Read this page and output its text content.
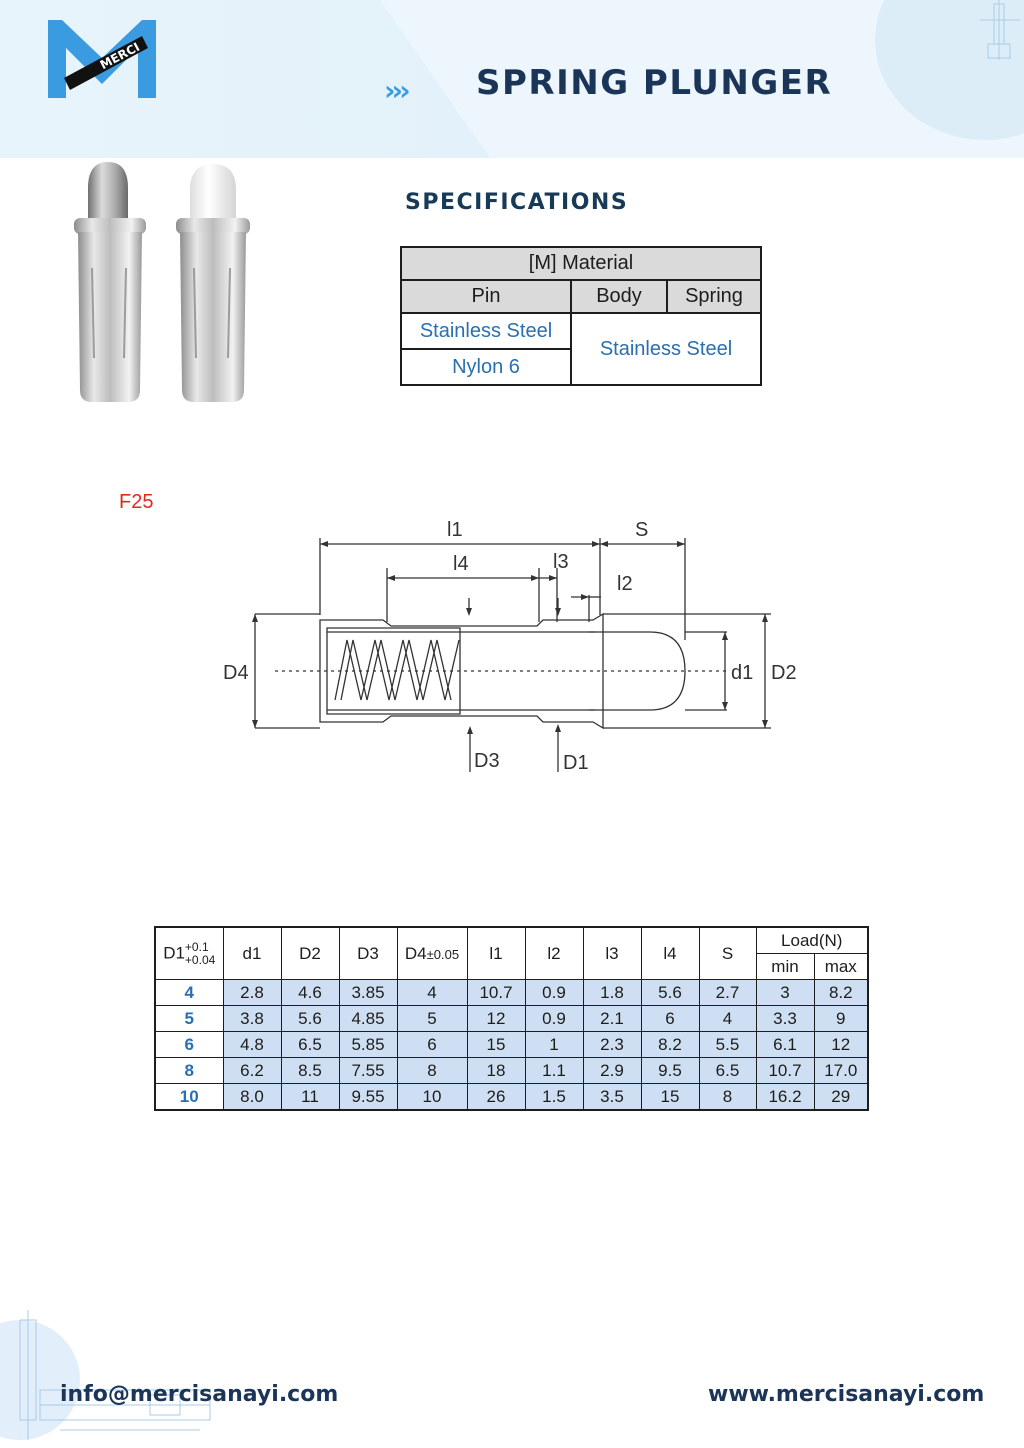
MERCI
››› SPRING PLUNGER
SPECIFICATIONS
[M] Material		
Pin	Body	Spring
Stainless Steel	Stainless Steel	
Nylon 6		
F25
l1	S
l4	l3
l2
D4	d1 D2
D3	D1
D1+0.1
+0.04	d1	D2	D3	D4±0.05	l1	l2	l3	l4	S	Load(N)	
										min	max
4	2.8	4.6	3.85	4	10.7	0.9	1.8	5.6	2.7	3	8.2
5	3.8	5.6	4.85	5	12	0.9	2.1	6	4	3.3	9
6	4.8	6.5	5.85	6	15	1	2.3	8.2	5.5	6.1	12
8	6.2	8.5	7.55	8	18	1.1	2.9	9.5	6.5	10.7	17.0
10	8.0	11	9.55	10	26	1.5	3.5	15	8	16.2	29
info@mercisanayi.com	www.mercisanayi.com
